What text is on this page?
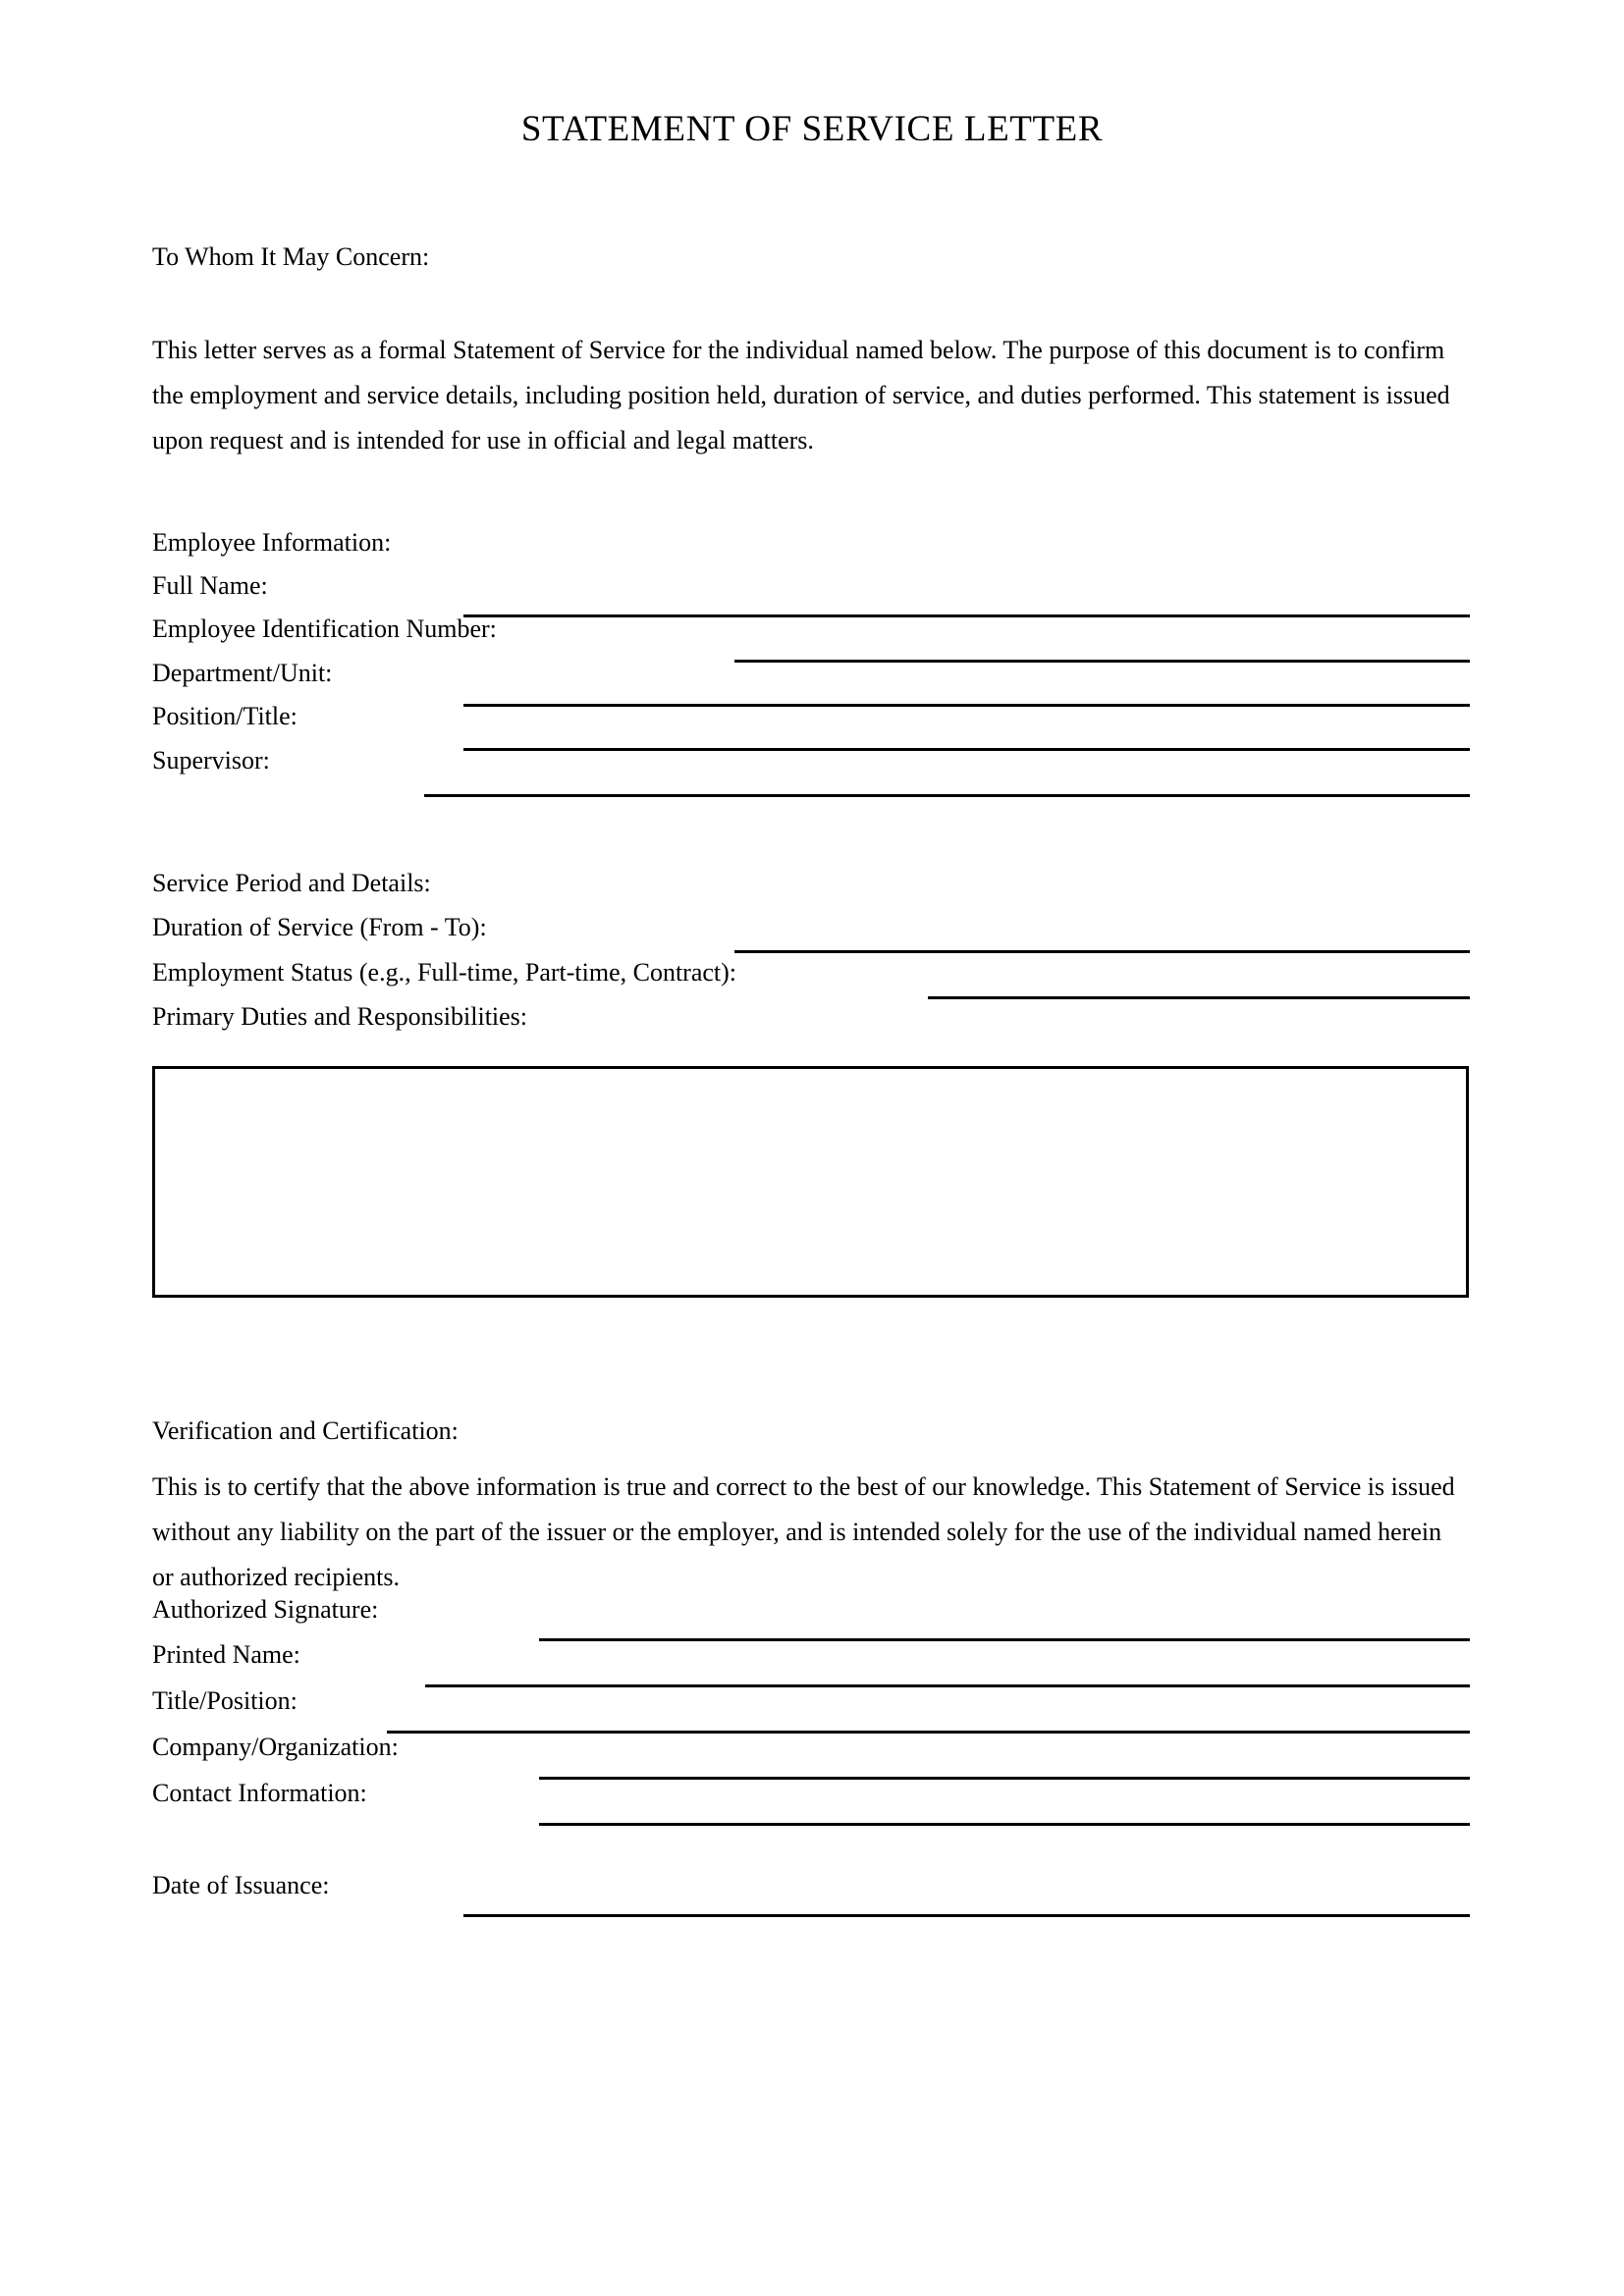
STATEMENT OF SERVICE LETTER
To Whom It May Concern:
This letter serves as a formal Statement of Service for the individual named below. The purpose of this document is to confirm the employment and service details, including position held, duration of service, and duties performed. This statement is issued upon request and is intended for use in official and legal matters.
Employee Information:
Full Name:
Employee Identification Number:
Department/Unit:
Position/Title:
Supervisor:
Service Period and Details:
Duration of Service (From - To):
Employment Status (e.g., Full-time, Part-time, Contract):
Primary Duties and Responsibilities:
Verification and Certification:
This is to certify that the above information is true and correct to the best of our knowledge. This Statement of Service is issued without any liability on the part of the issuer or the employer, and is intended solely for the use of the individual named herein or authorized recipients.
Authorized Signature:
Printed Name:
Title/Position:
Company/Organization:
Contact Information:
Date of Issuance:
